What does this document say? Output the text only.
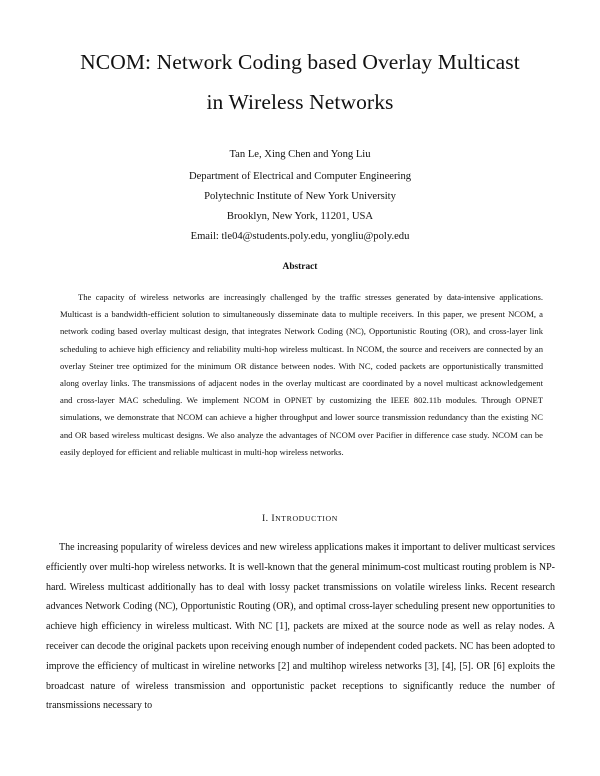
NCOM: Network Coding based Overlay Multicast
in Wireless Networks
Tan Le, Xing Chen and Yong Liu
Department of Electrical and Computer Engineering
Polytechnic Institute of New York University
Brooklyn, New York, 11201, USA
Email: tle04@students.poly.edu, yongliu@poly.edu
Abstract
The capacity of wireless networks are increasingly challenged by the traffic stresses generated by data-intensive applications. Multicast is a bandwidth-efficient solution to simultaneously disseminate data to multiple receivers. In this paper, we present NCOM, a network coding based overlay multicast design, that integrates Network Coding (NC), Opportunistic Routing (OR), and cross-layer link scheduling to achieve high efficiency and reliability multi-hop wireless multicast. In NCOM, the source and receivers are connected by an overlay Steiner tree optimized for the minimum OR distance between nodes. With NC, coded packets are opportunistically transmitted along overlay links. The transmissions of adjacent nodes in the overlay multicast are coordinated by a novel multicast acknowledgement and cross-layer MAC scheduling. We implement NCOM in OPNET by customizing the IEEE 802.11b modules. Through OPNET simulations, we demonstrate that NCOM can achieve a higher throughput and lower source transmission redundancy than the existing NC and OR based wireless multicast designs. We also analyze the advantages of NCOM over Pacifier in difference case study. NCOM can be easily deployed for efficient and reliable multicast in multi-hop wireless networks.
I. INTRODUCTION
The increasing popularity of wireless devices and new wireless applications makes it important to deliver multicast services efficiently over multi-hop wireless networks. It is well-known that the general minimum-cost multicast routing problem is NP-hard. Wireless multicast additionally has to deal with lossy packet transmissions on volatile wireless links. Recent research advances Network Coding (NC), Opportunistic Routing (OR), and optimal cross-layer scheduling present new opportunities to achieve high efficiency in wireless multicast. With NC [1], packets are mixed at the source node as well as relay nodes. A receiver can decode the original packets upon receiving enough number of independent coded packets. NC has been adopted to improve the efficiency of multicast in wireline networks [2] and multihop wireless networks [3], [4], [5]. OR [6] exploits the broadcast nature of wireless transmission and opportunistic packet receptions to significantly reduce the number of transmissions necessary to
